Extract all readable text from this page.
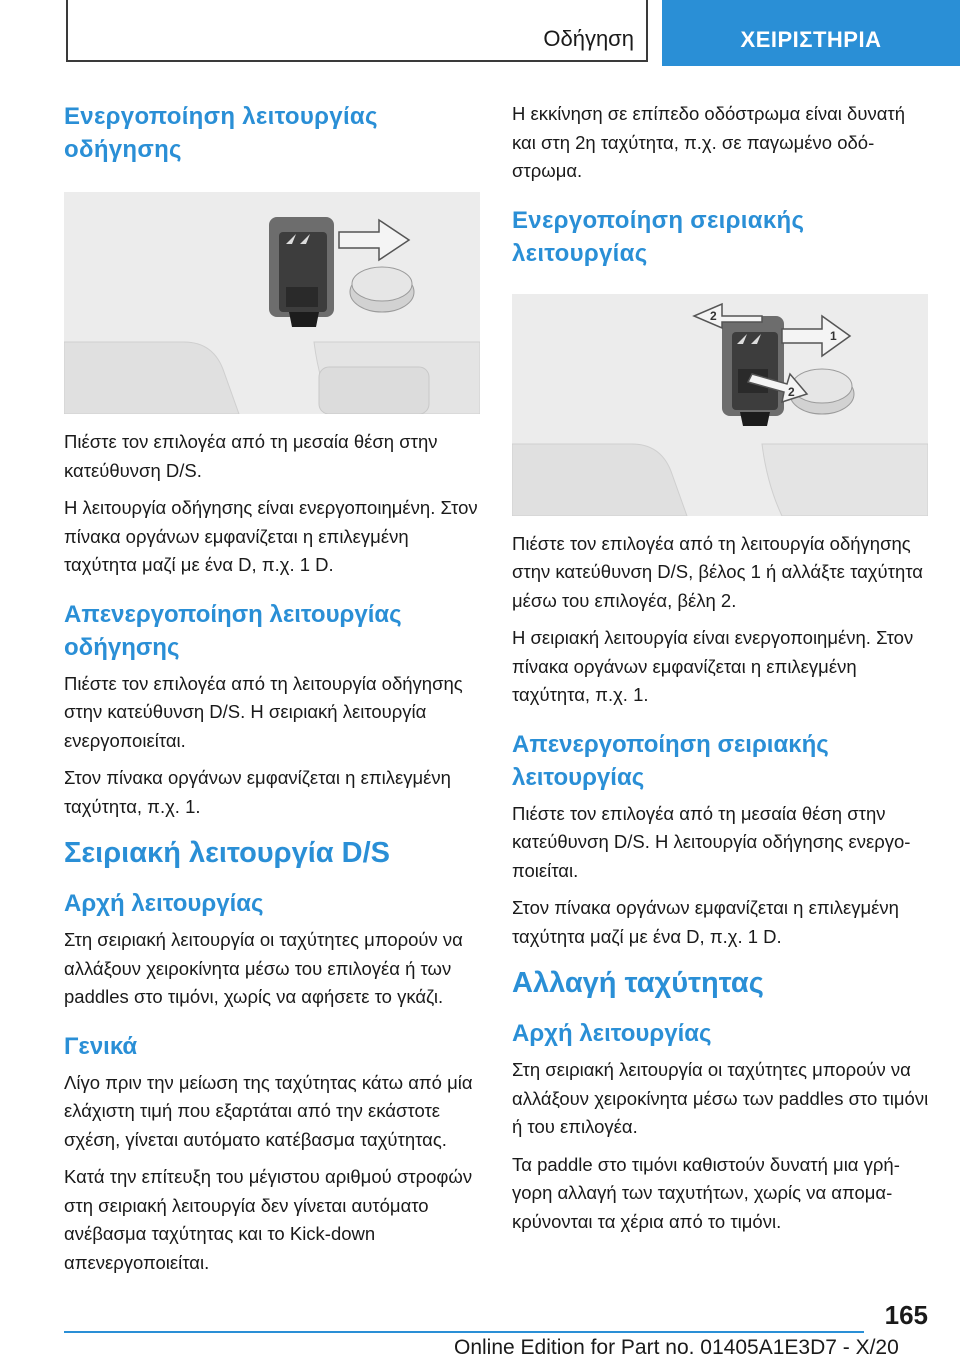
Οδήγηση	ΧΕΙΡΙΣΤΗΡΙΑ
Ενεργοποίηση λειτουργίας οδήγησης

Πιέστε τον επιλογέα από τη μεσαία θέση στην κατεύθυνση D/S.

Η λειτουργία οδήγησης είναι ενεργοποιημένη. Στον πίνακα οργάνων εμφανίζεται η επιλεγμένη ταχύτητα μαζί με ένα D, π.χ. 1 D.

Απενεργοποίηση λειτουργίας οδήγησης

Πιέστε τον επιλογέα από τη λειτουργία οδήγησης στην κατεύθυνση D/S. Η σειριακή λειτουργία ενεργοποιείται.

Στον πίνακα οργάνων εμφανίζεται η επιλεγμένη ταχύτητα, π.χ. 1.

Σειριακή λειτουργία D/S
Αρχή λειτουργίας

Στη σειριακή λειτουργία οι ταχύτητες μπορούν να αλλάξουν χειροκίνητα μέσω του επιλογέα ή των paddles στο τιμόνι, χωρίς να αφήσετε το γκάζι.

Γενικά

Λίγο πριν την μείωση της ταχύτητας κάτω από μία ελάχιστη τιμή που εξαρτάται από την εκάστοτε σχέση, γίνεται αυτόματο κατέβασμα ταχύτητας.

Κατά την επίτευξη του μέγιστου αριθμού στροφών στη σειριακή λειτουργία δεν γίνεται αυτόματο ανέβασμα ταχύτητας και το Kick-down απενεργοποιείται.

Η εκκίνηση σε επίπεδο οδόστρωμα είναι δυνατή και στη 2η ταχύτητα, π.χ. σε παγωμένο οδόστρωμα.

Ενεργοποίηση σειριακής λειτουργίας
2
1
2

Πιέστε τον επιλογέα από τη λειτουργία οδήγησης στην κατεύθυνση D/S, βέλος 1 ή αλλάξτε ταχύτητα μέσω του επιλογέα, βέλη 2.

Η σειριακή λειτουργία είναι ενεργοποιημένη. Στον πίνακα οργάνων εμφανίζεται η επιλεγμένη ταχύτητα, π.χ. 1.

Απενεργοποίηση σειριακής λειτουργίας

Πιέστε τον επιλογέα από τη μεσαία θέση στην κατεύθυνση D/S. Η λειτουργία οδήγησης ενεργοποιείται.

Στον πίνακα οργάνων εμφανίζεται η επιλεγμένη ταχύτητα μαζί με ένα D, π.χ. 1 D.

Αλλαγή ταχύτητας
Αρχή λειτουργίας

Στη σειριακή λειτουργία οι ταχύτητες μπορούν να αλλάξουν χειροκίνητα μέσω των paddles στο τιμόνι ή του επιλογέα.

Τα paddle στο τιμόνι καθιστούν δυνατή μια γρήγορη αλλαγή των ταχυτήτων, χωρίς να απομακρύνονται τα χέρια από το τιμόνι.

165
Online Edition for Part no. 01405A1E3D7 - X/20
